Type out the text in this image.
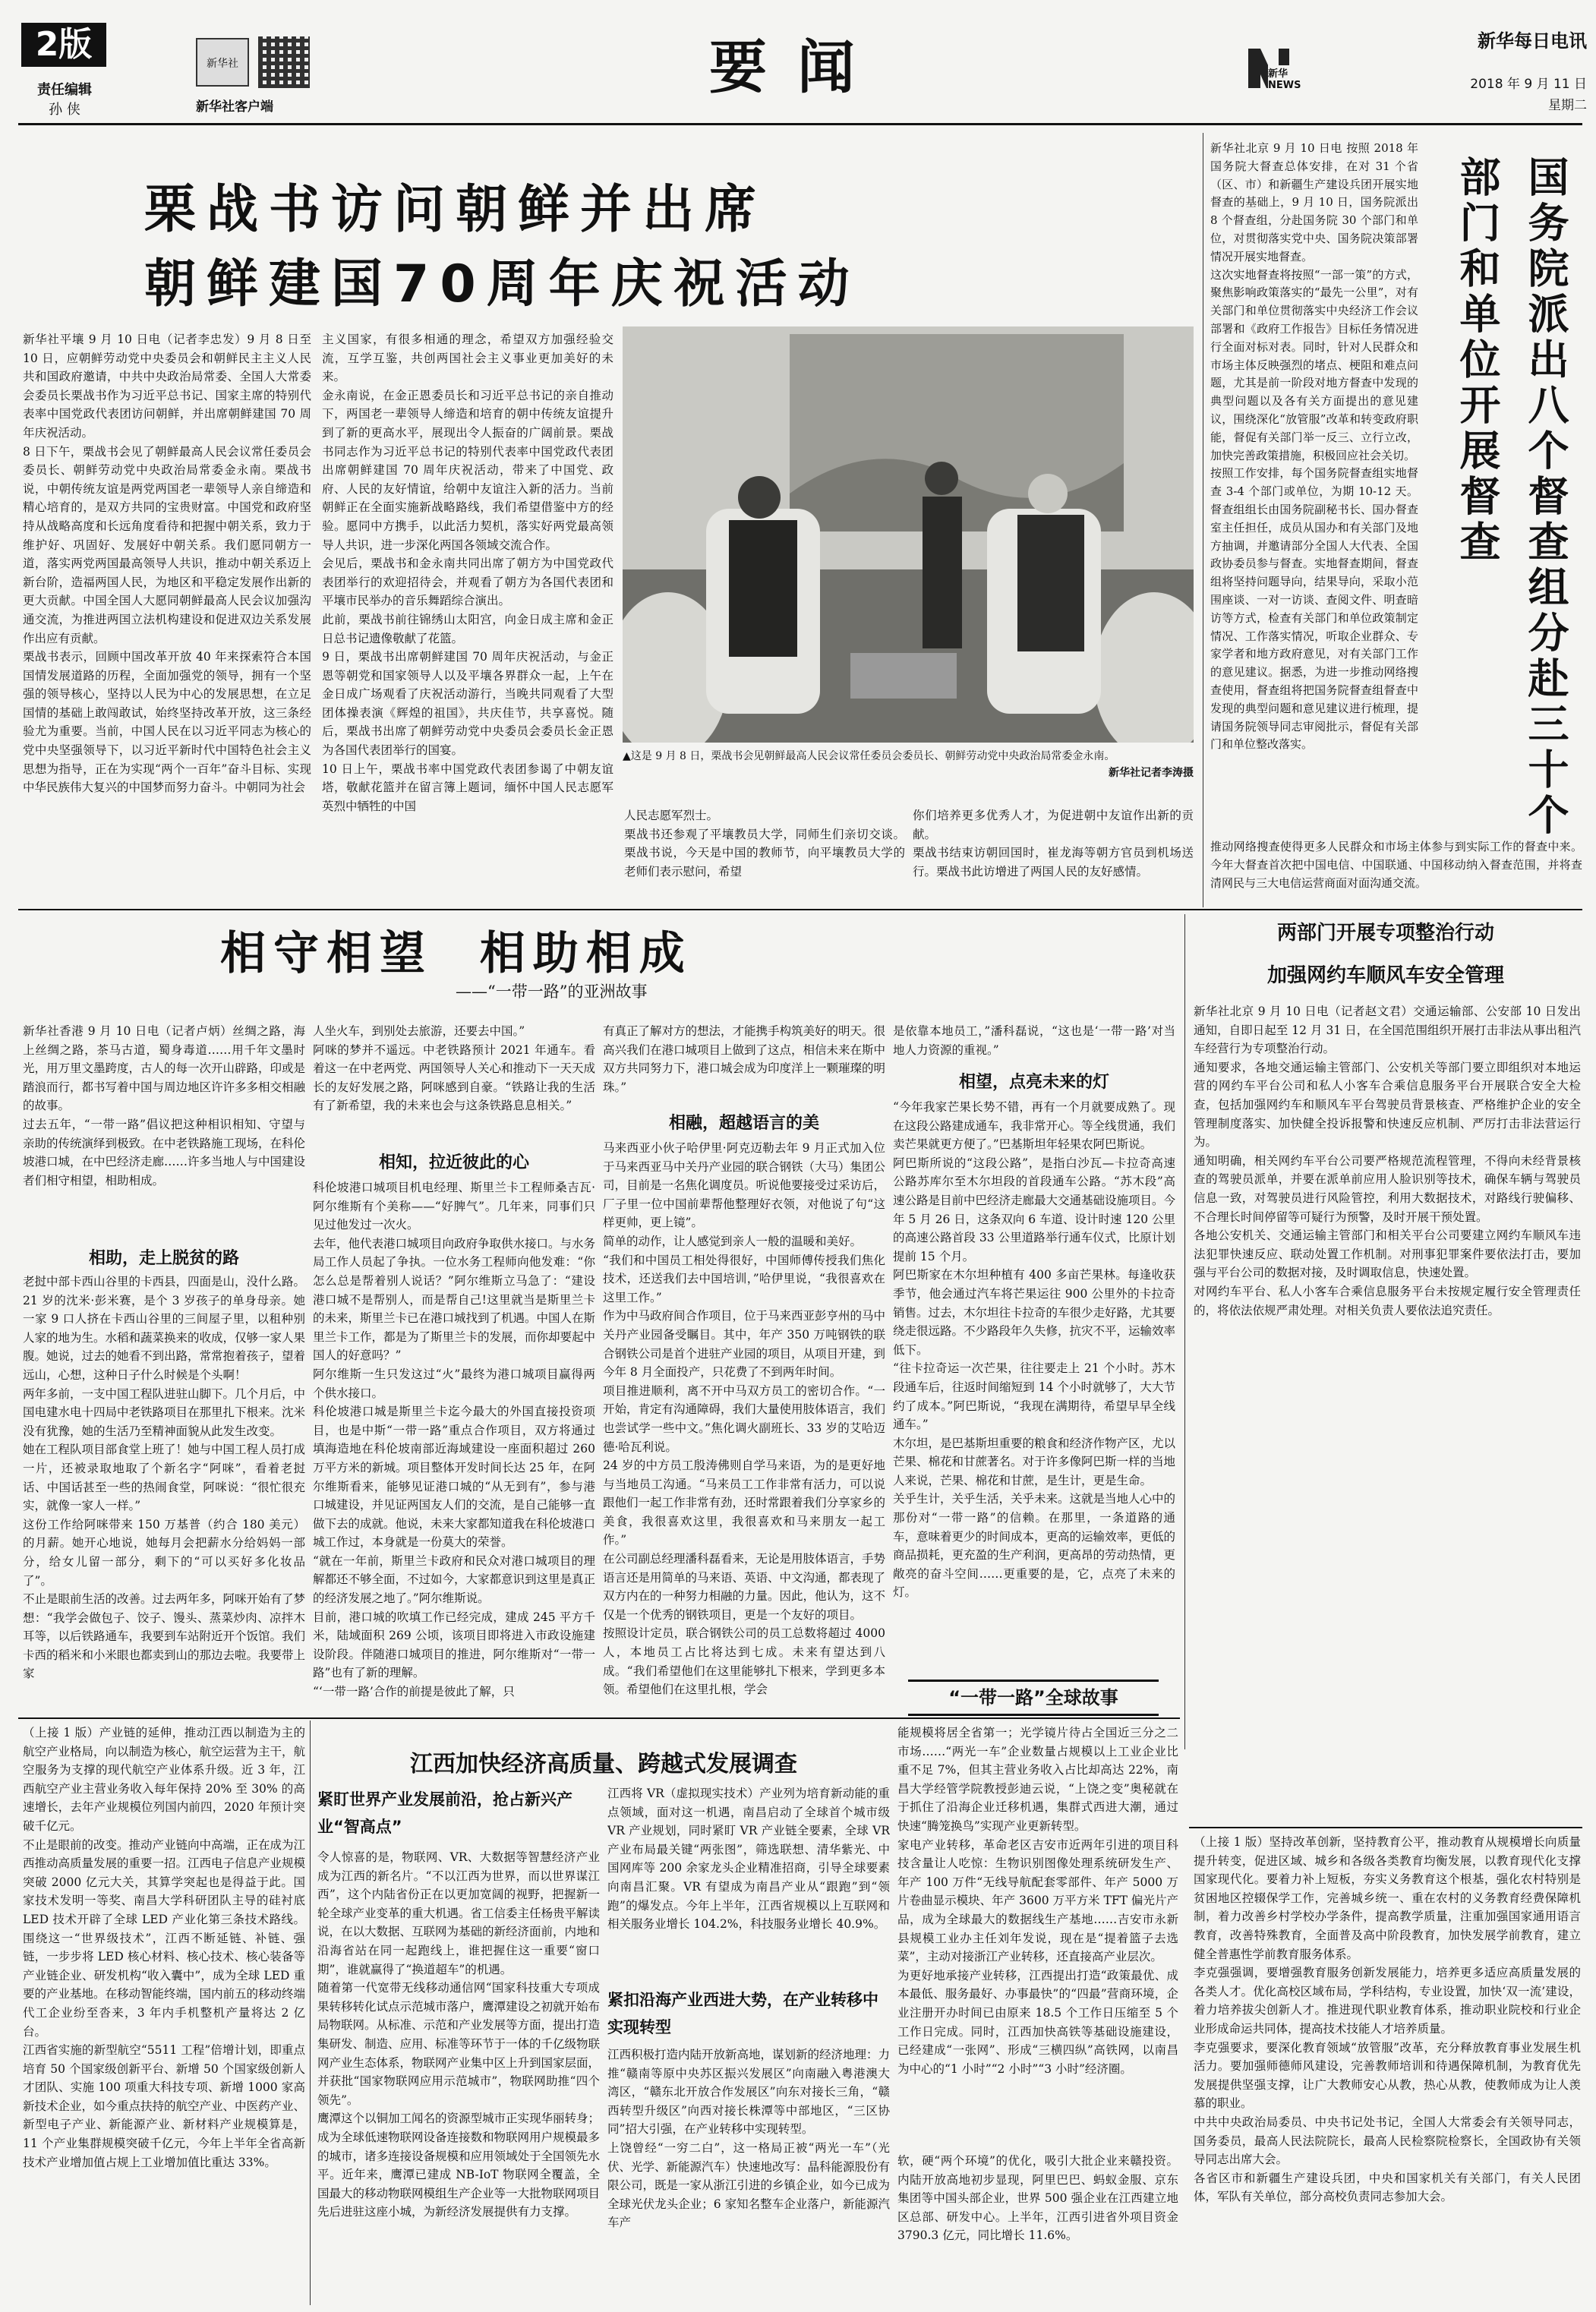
2版
责任编辑
孙 侠
新华社
新华社客户端
要闻	新华NEWS
新华每日电讯
2018 年 9 月 11 日
星期二
栗战书访问朝鲜并出席
朝鲜建国70周年庆祝活动
新华社平壤 9 月 10 日电（记者李忠发）9 月 8 日至 10 日，应朝鲜劳动党中央委员会和朝鲜民主主义人民共和国政府邀请，中共中央政治局常委、全国人大常委会委员长栗战书作为习近平总书记、国家主席的特别代表率中国党政代表团访问朝鲜，并出席朝鲜建国 70 周年庆祝活动。
8 日下午，栗战书会见了朝鲜最高人民会议常任委员会委员长、朝鲜劳动党中央政治局常委金永南。栗战书说，中朝传统友谊是两党两国老一辈领导人亲自缔造和精心培育的，是双方共同的宝贵财富。中国党和政府坚持从战略高度和长远角度看待和把握中朝关系，致力于维护好、巩固好、发展好中朝关系。我们愿同朝方一道，落实两党两国最高领导人共识，推动中朝关系迈上新台阶，造福两国人民，为地区和平稳定发展作出新的更大贡献。中国全国人大愿同朝鲜最高人民会议加强沟通交流，为推进两国立法机构建设和促进双边关系发展作出应有贡献。
栗战书表示，回顾中国改革开放 40 年来探索符合本国国情发展道路的历程，全面加强党的领导，拥有一个坚强的领导核心，坚持以人民为中心的发展思想，在立足国情的基础上敢闯敢试，始终坚持改革开放，这三条经验尤为重要。当前，中国人民在以习近平同志为核心的党中央坚强领导下，以习近平新时代中国特色社会主义思想为指导，正在为实现“两个一百年”奋斗目标、实现中华民族伟大复兴的中国梦而努力奋斗。中朝同为社会
主义国家，有很多相通的理念，希望双方加强经验交流，互学互鉴，共创两国社会主义事业更加美好的未来。
金永南说，在金正恩委员长和习近平总书记的亲自推动下，两国老一辈领导人缔造和培育的朝中传统友谊提升到了新的更高水平，展现出令人振奋的广阔前景。栗战书同志作为习近平总书记的特别代表率中国党政代表团出席朝鲜建国 70 周年庆祝活动，带来了中国党、政府、人民的友好情谊，给朝中友谊注入新的活力。当前朝鲜正在全面实施新战略路线，我们希望借鉴中方的经验。愿同中方携手，以此活力契机，落实好两党最高领导人共识，进一步深化两国各领域交流合作。
会见后，栗战书和金永南共同出席了朝方为中国党政代表团举行的欢迎招待会，并观看了朝方为各国代表团和平壤市民举办的音乐舞蹈综合演出。
此前，栗战书前往锦绣山太阳宫，向金日成主席和金正日总书记遗像敬献了花篮。
9 日，栗战书出席朝鲜建国 70 周年庆祝活动，与金正恩等朝党和国家领导人以及平壤各界群众一起，上午在金日成广场观看了庆祝活动游行，当晚共同观看了大型团体操表演《辉煌的祖国》，共庆佳节，共享喜悦。随后，栗战书出席了朝鲜劳动党中央委员会委员长金正恩为各国代表团举行的国宴。
10 日上午，栗战书率中国党政代表团参谒了中朝友谊塔，敬献花篮并在留言簿上题词，缅怀中国人民志愿军英烈中牺牲的中国
▲这是 9 月 8 日，栗战书会见朝鲜最高人民会议常任委员会委员长、朝鲜劳动党中央政治局常委金永南。
新华社记者李涛摄
人民志愿军烈士。
栗战书还参观了平壤教员大学，同师生们亲切交谈。栗战书说，今天是中国的教师节，向平壤教员大学的老师们表示慰问，希望
你们培养更多优秀人才，为促进朝中友谊作出新的贡献。
栗战书结束访朝回国时，崔龙海等朝方官员到机场送行。栗战书此访增进了两国人民的友好感情。
新华社北京 9 月 10 日电 按照 2018 年国务院大督查总体安排，在对 31 个省（区、市）和新疆生产建设兵团开展实地督查的基础上，9 月 10 日，国务院派出 8 个督查组，分赴国务院 30 个部门和单位，对贯彻落实党中央、国务院决策部署情况开展实地督查。
这次实地督查将按照“一部一策”的方式，聚焦影响政策落实的“最先一公里”，对有关部门和单位贯彻落实中央经济工作会议部署和《政府工作报告》目标任务情况进行全面对标对表。同时，针对人民群众和市场主体反映强烈的堵点、梗阻和难点问题，尤其是前一阶段对地方督查中发现的典型问题以及各有关方面提出的意见建议，围绕深化“放管服”改革和转变政府职能，督促有关部门举一反三、立行立改，加快完善政策措施，积极回应社会关切。
按照工作安排，每个国务院督查组实地督查 3-4 个部门或单位，为期 10-12 天。督查组组长由国务院副秘书长、国办督查室主任担任，成员从国办和有关部门及地方抽调，并邀请部分全国人大代表、全国政协委员参与督查。实地督查期间，督查组将坚持问题导向，结果导向，采取小范围座谈、一对一访谈、查阅文件、明查暗访等方式，检查有关部门和单位政策制定情况、工作落实情况，听取企业群众、专家学者和地方政府意见，对有关部门工作的意见建议。据悉，为进一步推动网络搜查使用，督查组将把国务院督查组督查中发现的典型问题和意见建议进行梳理，提请国务院领导同志审阅批示，督促有关部门和单位整改落实。	国务院派出八个督查组分赴三十个部门和单位开展督查
推动网络搜查使得更多人民群众和市场主体参与到实际工作的督查中来。今年大督查首次把中国电信、中国联通、中国移动纳入督查范围，并将查清网民与三大电信运营商面对面沟通交流。
相守相望  相助相成
——“一带一路”的亚洲故事
新华社香港 9 月 10 日电（记者卢炳）丝绸之路，海上丝绸之路，茶马古道，蜀身毒道……用千年文墨时光，用万里文墨跨度，古人的每一次开山辟路，印或是踏浪而行，都书写着中国与周边地区许许多多相交相融的故事。
过去五年，“一带一路”倡议把这种相识相知、守望与亲助的传统演绎到极致。在中老铁路施工现场，在科伦坡港口城，在中巴经济走廊……许多当地人与中国建设者们相守相望，相助相成。
相助，走上脱贫的路
老挝中部卡西山谷里的卡西县，四面是山，没什么路。
21 岁的沈米·彭米赛，是个 3 岁孩子的单身母亲。她一家 9 口人挤在卡西山谷里的三间屋子里，以租种别人家的地为生。水稻和蔬菜换来的收成，仅够一家人果腹。她说，过去的她看不到出路，常常抱着孩子，望着远山，心想，这种日子什么时候是个头啊！
两年多前，一支中国工程队进驻山脚下。几个月后，中国电建水电十四局中老铁路项目在那里扎下根来。沈米没有犹豫，她的生活乃至精神面貌从此发生改变。
她在工程队项目部食堂上班了！她与中国工程人员打成一片，还被录取地取了个新名字“阿咪”，看着老挝话、中国话甚至一些的热闹食堂，阿咪说：“很忙很充实，就像一家人一样。”
这份工作给阿咪带来 150 万基普（约合 180 美元）的月薪。她开心地说，她每月会把薪水分给妈妈一部分，给女儿留一部分，剩下的“可以买好多化妆品了”。
不止是眼前生活的改善。过去两年多，阿咪开始有了梦想：“我学会做包子、饺子、馒头、蒸菜炒肉、凉拌木耳等，以后铁路通车，我要到车站附近开个饭馆。我们卡西的稻米和小米眼也都卖到山的那边去啦。我要带上家
人坐火车，到别处去旅游，还要去中国。”
阿咪的梦并不遥远。中老铁路预计 2021 年通车。看着这一在中老两党、两国领导人关心和推动下一天天成长的友好发展之路，阿咪感到自豪。“铁路让我的生活有了新希望，我的未来也会与这条铁路息息相关。”
相知，拉近彼此的心
科伦坡港口城项目机电经理、斯里兰卡工程师桑吉瓦·阿尔维斯有个美称——“好脾气”。几年来，同事们只见过他发过一次火。
去年，他代表港口城项目向政府争取供水接口。与水务局工作人员起了争执。一位水务工程师向他发难：“你怎么总是帮着别人说话？”阿尔维斯立马急了：“建设港口城不是帮别人，而是帮自己!这里就当是斯里兰卡的未来，斯里兰卡已在港口城找到了机遇。中国人在斯里兰卡工作，都是为了斯里兰卡的发展，而你却要起中国人的好意吗？”
阿尔维斯一生只发这过“火”最终为港口城项目赢得两个供水接口。
科伦坡港口城是斯里兰卡迄今最大的外国直接投资项目，也是中斯“一带一路”重点合作项目，双方将通过填海造地在科伦坡南部近海域建设一座面积超过 260 万平方米的新城。项目整体开发时间长达 25 年，在阿尔维斯看来，能够见证港口城的“从无到有”，参与港口城建设，并见证两国友人们的交流，是自己能够一直做下去的成就。他说，未来大家都知道我在科伦坡港口城工作过，本身就是一份莫大的荣誉。
“就在一年前，斯里兰卡政府和民众对港口城项目的理解都还不够全面，不过如今，大家都意识到这里是真正的经济发展之地了。”阿尔维斯说。
目前，港口城的吹填工作已经完成，建成 245 平方千米，陆域面积 269 公顷，该项目即将进入市政设施建设阶段。伴随港口城项目的推进，阿尔维斯对“一带一路”也有了新的理解。
“‘一带一路’合作的前提是彼此了解，只
有真正了解对方的想法，才能携手构筑美好的明天。很高兴我们在港口城项目上做到了这点，相信未来在斯中双方共同努力下，港口城会成为印度洋上一颗璀璨的明珠。”
相融，超越语言的美
马来西亚小伙子哈伊里·阿克迈勒去年 9 月正式加入位于马来西亚马中关丹产业园的联合钢铁（大马）集团公司，目前是一名焦化调度员。听说他要接受过采访后，厂子里一位中国前辈帮他整理好衣领，对他说了句“这样更帅，更上镜”。
简单的动作，让人感觉到亲人一般的温暖和美好。
“我们和中国员工相处得很好，中国师傅传授我们焦化技术，还送我们去中国培训，”哈伊里说，“我很喜欢在这里工作。”
作为中马政府间合作项目，位于马来西亚彭亨州的马中关丹产业园备受瞩目。其中，年产 350 万吨钢铁的联合钢铁公司是首个进驻产业园的项目，从项目开建，到今年 8 月全面投产，只花费了不到两年时间。
项目推进顺利，离不开中马双方员工的密切合作。“一开始，肯定有沟通障碍，我们大量使用肢体语言，我们也尝试学一些中文。”焦化调火副班长、33 岁的艾哈迈德·哈瓦利说。
24 岁的中方员工殷涛佛则自学马来语，为的是更好地与当地员工沟通。“马来员工工作非常有活力，可以说跟他们一起工作非常有劲，还时常跟着我们分享家乡的美食，我很喜欢这里，我很喜欢和马来朋友一起工作。”
在公司副总经理潘科磊看来，无论是用肢体语言，手势语言还是用简单的马来语、英语、中文沟通，都表现了双方内在的一种努力相融的力量。因此，他认为，这不仅是一个优秀的钢铁项目，更是一个友好的项目。
按照设计定员，联合钢铁公司的员工总数将超过 4000 人，本地员工占比将达到七成。未来有望达到八成。“我们希望他们在这里能够扎下根来，学到更多本领。希望他们在这里扎根，学会
是依靠本地员工，”潘科磊说，“这也是‘一带一路’对当地人力资源的重视。”
相望，点亮未来的灯
“今年我家芒果长势不错，再有一个月就要成熟了。现在这段公路建成通车，我非常开心。等全线贯通，我们卖芒果就更方便了。”巴基斯坦年轻果农阿巴斯说。
阿巴斯所说的“这段公路”，是指白沙瓦—卡拉奇高速公路苏库尔至木尔坦段的首段通车公路。“苏木段”高速公路是目前中巴经济走廊最大交通基础设施项目。今年 5 月 26 日，这条双向 6 车道、设计时速 120 公里的高速公路首段 33 公里道路举行通车仪式，比原计划提前 15 个月。
阿巴斯家在木尔坦种植有 400 多亩芒果林。每逢收获季节，他会通过汽车将芒果运往 900 公里外的卡拉奇销售。过去，木尔坦往卡拉奇的车很少走好路，尤其要绕走很远路。不少路段年久失修，抗灾不平，运输效率低下。
“往卡拉奇运一次芒果，往往要走上 21 个小时。苏木段通车后，往返时间缩短到 14 个小时就够了，大大节约了成本。”阿巴斯说，“我现在满期待，希望早早全线通车。”
木尔坦，是巴基斯坦重要的粮食和经济作物产区，尤以芒果、棉花和甘蔗著名。对于许多像阿巴斯一样的当地人来说，芒果、棉花和甘蔗，是生计，更是生命。
关乎生计，关乎生活，关乎未来。这就是当地人心中的那份对“一带一路”的信赖。在那里，一条道路的通车，意味着更少的时间成本，更高的运输效率，更低的商品损耗，更充盈的生产利润，更高昂的劳动热情，更敞亮的奋斗空间……更重要的是，它，点亮了未来的灯。
“一带一路”全球故事
两部门开展专项整治行动
加强网约车顺风车安全管理
新华社北京 9 月 10 日电（记者赵文君）交通运输部、公安部 10 日发出通知，自即日起至 12 月 31 日，在全国范围组织开展打击非法从事出租汽车经营行为专项整治行动。
通知要求，各地交通运输主管部门、公安机关等部门要立即组织对本地运营的网约车平台公司和私人小客车合乘信息服务平台开展联合安全大检查，包括加强网约车和顺风车平台驾驶员背景核查、严格维护企业的安全管理制度落实、加快健全投诉报警和快速反应机制、严厉打击非法营运行为。
通知明确，相关网约车平台公司要严格规范流程管理，不得向未经背景核查的驾驶员派单，并要在派单前应用人脸识别等技术，确保车辆与驾驶员信息一致，对驾驶员进行风险管控，利用大数据技术，对路线行驶偏移、不合理长时间停留等可疑行为预警，及时开展干预处置。
各地公安机关、交通运输主管部门和相关平台公司要建立网约车顺风车违法犯罪快速反应、联动处置工作机制。对刑事犯罪案件要依法打击，要加强与平台公司的数据对接，及时调取信息，快速处置。
对网约车平台、私人小客车合乘信息服务平台未按规定履行安全管理责任的，将依法依规严肃处理。对相关负责人要依法追究责任。
（上接 1 版）产业链的延伸，推动江西以制造为主的航空产业格局，向以制造为核心，航空运营为主干，航空服务为支撑的现代航空产业体系升级。近 3 年，江西航空产业主营业务收入每年保持 20% 至 30% 的高速增长，去年产业规模位列国内前四，2020 年预计突破千亿元。
不止是眼前的改变。推动产业链向中高端，正在成为江西推动高质量发展的重要一招。江西电子信息产业规模突破 2000 亿元大关，其算学突起也是得益于此。国家技术发明一等奖、南昌大学科研团队主导的硅衬底 LED 技术开辟了全球 LED 产业化第三条技术路线。围绕这一“世界级技术”，江西不断延链、补链、强链，一步步将 LED 核心材料、核心技术、核心装备等产业链企业、研发机构“收入囊中”，成为全球 LED 重要的产业基地。在移动智能终端，国内前五的移动终端代工企业纷至沓来，3 年内手机整机产量将达 2 亿台。
江西省实施的新型航空“5511 工程”倍增计划，即重点培育 50 个国家级创新平台、新增 50 个国家级创新人才团队、实施 100 项重大科技专项、新增 1000 家高新技术企业，如今重点扶持的航空产业、中医药产业、新型电子产业、新能源产业、新材料产业规模算是，11 个产业集群规模突破千亿元，今年上半年全省高新技术产业增加值占规上工业增加值比重达 33%。
江西加快经济高质量、跨越式发展调查
紧盯世界产业发展前沿，抢占新兴产业“智高点”
令人惊喜的是，物联网、VR、大数据等智慧经济产业成为江西的新名片。“不以江西为世界，而以世界谋江西”，这个内陆省份正在以更加宽阔的视野，把握新一轮全球产业变革的重大机遇。省工信委主任杨贵平解读说，在以大数据、互联网为基础的新经济面前，内地和沿海省站在同一起跑线上，谁把握住这一重要“窗口期”，谁就赢得了“换道超车”的机遇。
随着第一代宽带无线移动通信网“国家科技重大专项成果转移转化试点示范城市落户，鹰潭建设之初就开始布局物联网。从标准、示范和产业发展等方面，提出打造集研发、制造、应用、标准等环节于一体的千亿级物联网产业生态体系，物联网产业集中区上升到国家层面，并获批“国家物联网应用示范城市”，物联网助推“四个领先”。
鹰潭这个以铜加工闻名的资源型城市正实现华丽转身；成为全球低速物联网设备连接数和物联网用户规模最多的城市，诸多连接设备规模和应用领域处于全国领先水平。近年来，鹰潭已建成 NB-IoT 物联网全覆盖，全国最大的移动物联网模组生产企业等一大批物联网项目先后进驻这座小城，为新经济发展提供有力支撑。
江西将 VR（虚拟现实技术）产业列为培育新动能的重点领域，面对这一机遇，南昌启动了全球首个城市级 VR 产业规划，同时紧盯 VR 产业链全要素，全球 VR 产业布局最关键“两张图”，筛选联想、清华紫光、中国网库等 200 余家龙头企业精准招商，引导全球要素向南昌汇聚。VR 有望成为南昌产业从“跟跑”到“领跑”的爆发点。今年上半年，江西省规模以上互联网和相关服务业增长 104.2%，科技服务业增长 40.9%。
紧扣沿海产业西进大势，在产业转移中实现转型
江西积极打造内陆开放新高地，谋划新的经济地理：力推“赣南等原中央苏区振兴发展区”向南融入粤港澳大湾区，“赣东北开放合作发展区”向东对接长三角，“赣西转型升级区”向西对接长株潭等中部地区，“三区协同”招大引强，在产业转移中实现转型。
上饶曾经“一穷二白”，这一格局正被“两光一车”（光伏、光学、新能源汽车）快速地改写：晶科能源股份有限公司，既是一家从浙江引进的乡镇企业，如今已成为全球光伏龙头企业；6 家知名整车企业落户，新能源汽车产
能规模将居全省第一；光学镜片待占全国近三分之二市场……“两光一车”企业数量占规模以上工业企业比重不足 7%，但其主营业务收入占比却高达 22%，南昌大学经管学院教授彭迪云说，“上饶之变”奥秘就在于抓住了沿海企业迁移机遇，集群式西进大潮，通过快速“腾笼换鸟”实现产业更新转型。
家电产业转移，革命老区吉安市近两年引进的项目科技含量让人吃惊：生物识别图像处理系统研发生产、年产 100 万件“无线导航配套零部件、年产 5000 万片卷曲显示模块、年产 3600 万平方米 TFT 偏光片产品，成为全球最大的数据线生产基地……吉安市永新县规模工业办主任刘年发说，现在是“提着篮子去选菜”，主动对接浙江产业转移，还直接高产业层次。
为更好地承接产业转移，江西提出打造“政策最优、成本最低、服务最好、办事最快”的“四最”营商环境，企业注册开办时间已由原来 18.5 个工作日压缩至 5 个工作日完成。同时，江西加快高铁等基础设施建设，已经建成“一张网”、形成“三横四纵”高铁网，以南昌为中心的“1 小时”“2 小时”“3 小时”经济圈。
软，硬“两个环境”的优化，吸引大批企业来赣投资。内陆开放高地初步显现，阿里巴巴、蚂蚁金服、京东集团等中国头部企业，世界 500 强企业在江西建立地区总部、研发中心。上半年，江西引进省外项目资金 3790.3 亿元，同比增长 11.6%。
（上接 1 版）坚持改革创新，坚持教育公平，推动教育从规模增长向质量提升转变，促进区域、城乡和各级各类教育均衡发展，以教育现代化支撑国家现代化。要着力补上短板，夯实义务教育这个根基，强化农村特别是贫困地区控辍保学工作，完善城乡统一、重在农村的义务教育经费保障机制，着力改善乡村学校办学条件，提高教学质量，注重加强国家通用语言教育，改善特殊教育，全面普及高中阶段教育，加快发展学前教育，建立健全普惠性学前教育服务体系。
李克强强调，要增强教育服务创新发展能力，培养更多适应高质量发展的各类人才。优化高校区域布局，学科结构，专业设置，加快‘双一流’建设，着力培养拔尖创新人才。推进现代职业教育体系，推动职业院校和行业企业形成命运共同体，提高技术技能人才培养质量。
李克强要求，要深化教育领域“放管服”改革，充分释放教育事业发展生机活力。要加强师德师风建设，完善教师培训和待遇保障机制，为教育优先发展提供坚强支撑，让广大教师安心从教，热心从教，使教师成为让人羡慕的职业。
中共中央政治局委员、中央书记处书记，全国人大常委会有关领导同志，国务委员，最高人民法院院长，最高人民检察院检察长，全国政协有关领导同志出席大会。
各省区市和新疆生产建设兵团，中央和国家机关有关部门，有关人民团体，军队有关单位，部分高校负责同志参加大会。
